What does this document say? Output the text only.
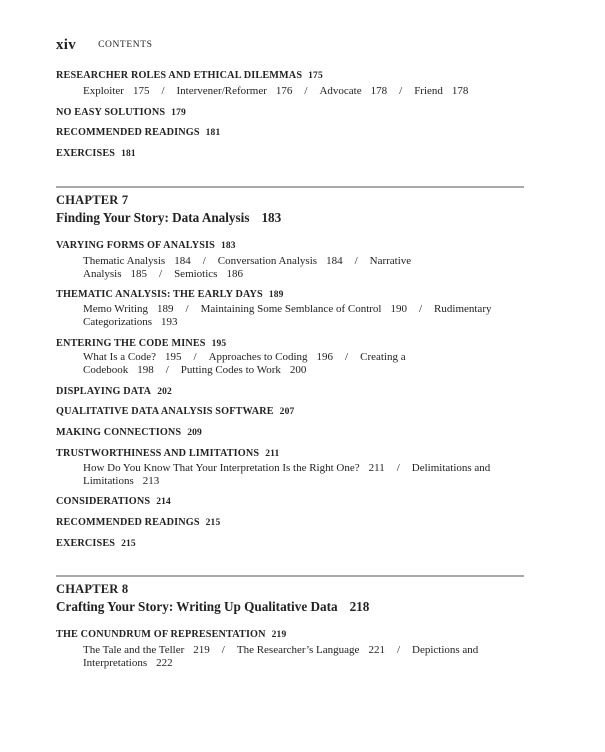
xiv CONTENTS
RESEARCHER ROLES AND ETHICAL DILEMMAS 175
Exploiter 175 / Intervener/Reformer 176 / Advocate 178 / Friend 178
NO EASY SOLUTIONS 179
RECOMMENDED READINGS 181
EXERCISES 181
CHAPTER 7
Finding Your Story: Data Analysis 183
VARYING FORMS OF ANALYSIS 183
Thematic Analysis 184 / Conversation Analysis 184 / Narrative
Analysis 185 / Semiotics 186
THEMATIC ANALYSIS: THE EARLY DAYS 189
Memo Writing 189 / Maintaining Some Semblance of Control 190 / Rudimentary
Categorizations 193
ENTERING THE CODE MINES 195
What Is a Code? 195 / Approaches to Coding 196 / Creating a
Codebook 198 / Putting Codes to Work 200
DISPLAYING DATA 202
QUALITATIVE DATA ANALYSIS SOFTWARE 207
MAKING CONNECTIONS 209
TRUSTWORTHINESS AND LIMITATIONS 211
How Do You Know That Your Interpretation Is the Right One? 211 / Delimitations and
Limitations 213
CONSIDERATIONS 214
RECOMMENDED READINGS 215
EXERCISES 215
CHAPTER 8
Crafting Your Story: Writing Up Qualitative Data 218
THE CONUNDRUM OF REPRESENTATION 219
The Tale and the Teller 219 / The Researcher’s Language 221 / Depictions and
Interpretations 222
